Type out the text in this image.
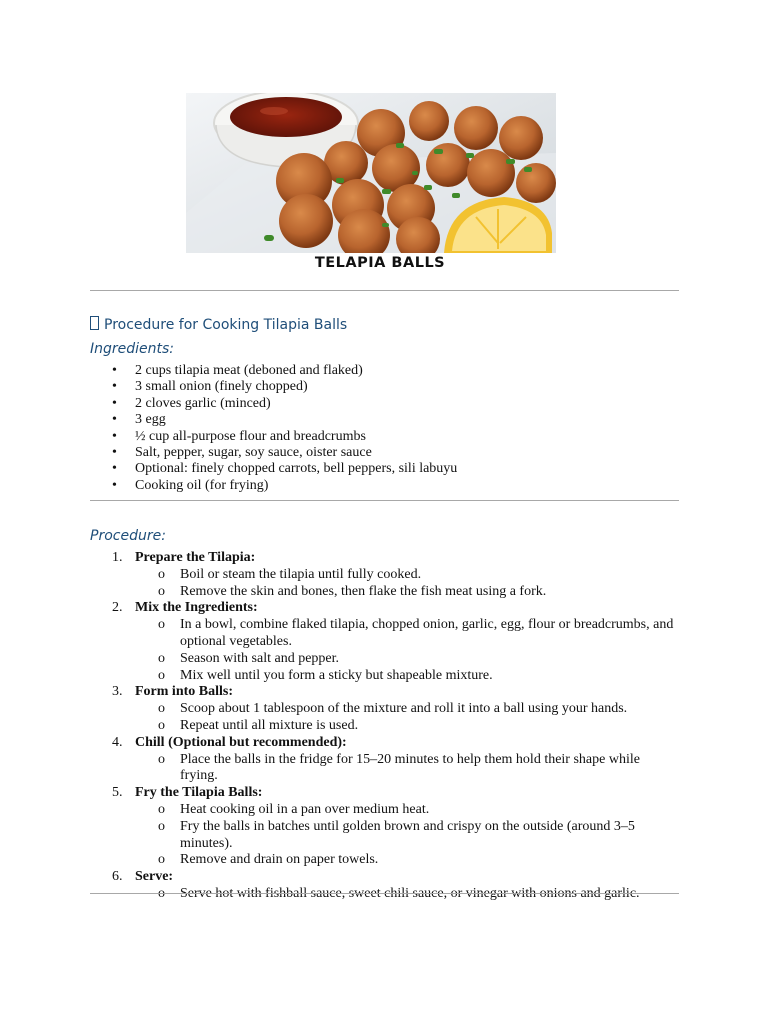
TELAPIA BALLS
Procedure for Cooking Tilapia Balls
Ingredients:
• 2 cups tilapia meat (deboned and flaked)
• 3 small onion (finely chopped)
• 2 cloves garlic (minced)
• 3 egg
• ½ cup all-purpose flour and breadcrumbs
• Salt, pepper, sugar, soy sauce, oister sauce
• Optional: finely chopped carrots, bell peppers, sili labuyu
• Cooking oil (for frying)
Procedure:
1. Prepare the Tilapia:
o Boil or steam the tilapia until fully cooked.
o Remove the skin and bones, then flake the fish meat using a fork.
2. Mix the Ingredients:
o In a bowl, combine flaked tilapia, chopped onion, garlic, egg, flour or breadcrumbs, and optional vegetables.
o Season with salt and pepper.
o Mix well until you form a sticky but shapeable mixture.
3. Form into Balls:
o Scoop about 1 tablespoon of the mixture and roll it into a ball using your hands.
o Repeat until all mixture is used.
4. Chill (Optional but recommended):
o Place the balls in the fridge for 15–20 minutes to help them hold their shape while frying.
5. Fry the Tilapia Balls:
o Heat cooking oil in a pan over medium heat.
o Fry the balls in batches until golden brown and crispy on the outside (around 3–5 minutes).
o Remove and drain on paper towels.
6. Serve:
o Serve hot with fishball sauce, sweet chili sauce, or vinegar with onions and garlic.
